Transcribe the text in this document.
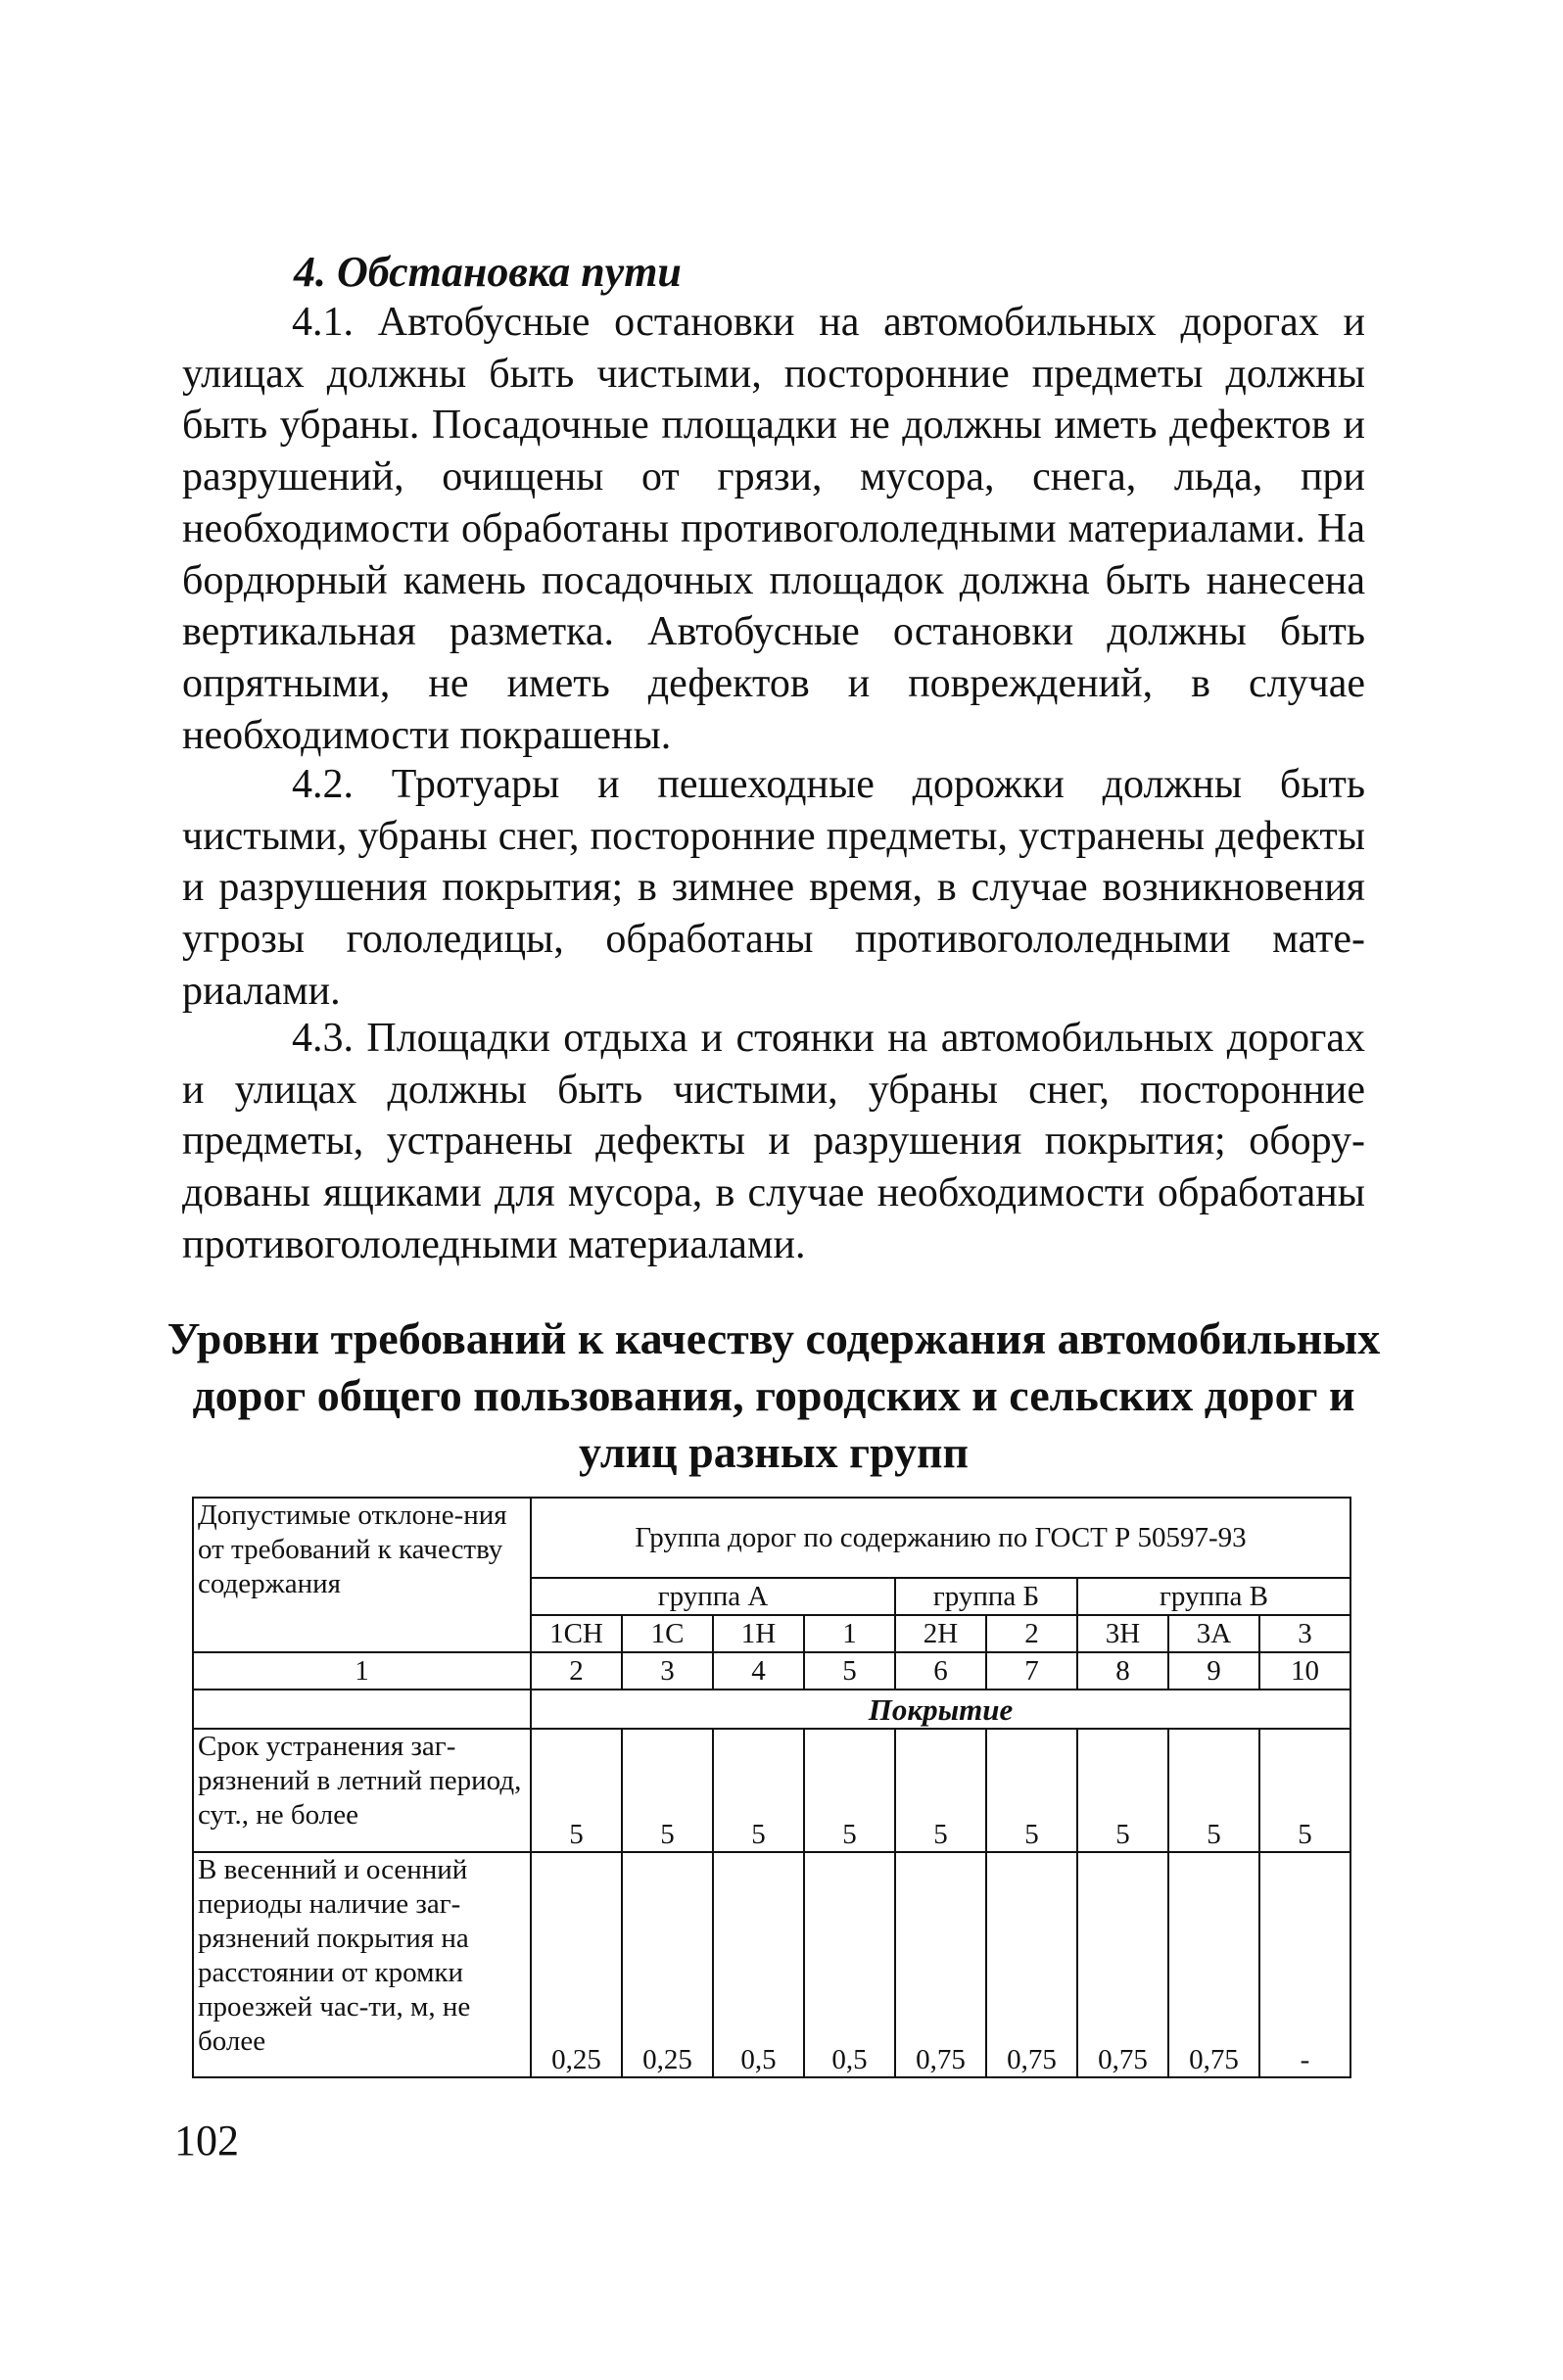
4. Обстановка пути

4.1. Автобусные остановки на автомобильных дорогах и улицах должны быть чистыми, посторонние предметы должны быть убраны. Посадочные площадки не должны иметь дефектов и разрушений, очищены от грязи, мусора, снега, льда, при необходимости обработаны противогололедными материалами. На бордюрный камень посадочных площадок должна быть нанесена вертикальная разметка. Автобусные остановки должны быть опрятными, не иметь дефектов и повреждений, в случае необходимости покрашены.

4.2. Тротуары и пешеходные дорожки должны быть чистыми, убраны снег, посторонние предметы, устранены дефекты и разрушения покрытия; в зимнее время, в случае возникновения угрозы гололедицы, обработаны противогололедными мате-риалами.

4.3. Площадки отдыха и стоянки на автомобильных дорогах и улицах должны быть чистыми, убраны снег, посторонние предметы, устранены дефекты и разрушения покрытия; обору-дованы ящиками для мусора, в случае необходимости обработаны противогололедными материалами.

Уровни требований к качеству содержания автомобильных дорог общего пользования, городских и сельских дорог и улиц разных групп
Допустимые отклоне-ния от требований к качеству содержания	Группа дорог по содержанию по ГОСТ Р 50597-93								
	группа А				группа Б		группа В		
	1СН	1С	1Н	1	2Н	2	3Н	3А	3
1	2	3	4	5	6	7	8	9	10
	Покрытие								
Срок устранения заг-рязнений в летний период, сут., не более	5	5	5	5	5	5	5	5	5
В весенний и осенний периоды наличие заг-рязнений покрытия на расстоянии от кромки проезжей час-ти, м, не более	0,25	0,25	0,5	0,5	0,75	0,75	0,75	0,75	-

102
